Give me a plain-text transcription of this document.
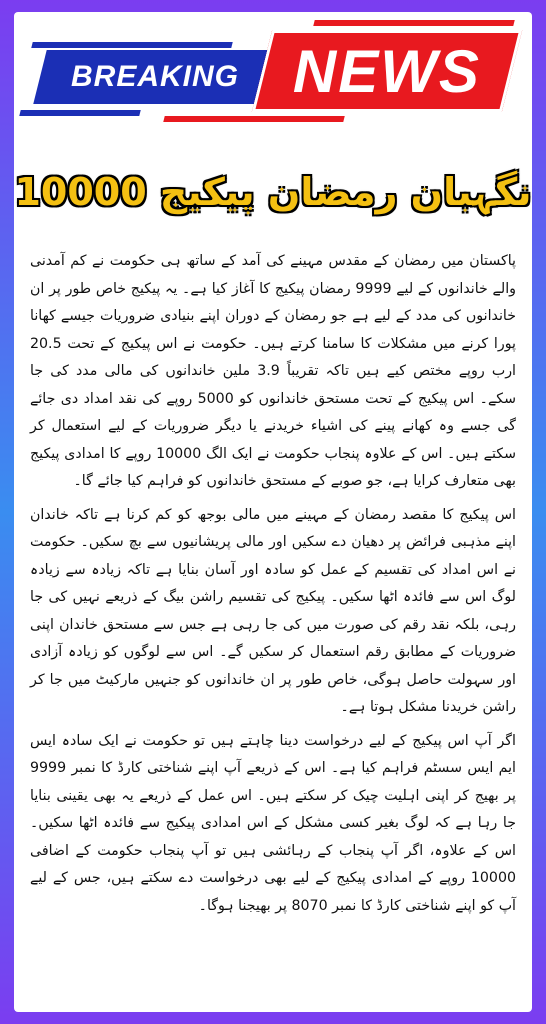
BREAKING NEWS
نگہبان رمضان پیکیج 10000

پاکستان میں رمضان کے مقدس مہینے کی آمد کے ساتھ ہی حکومت نے کم آمدنی والے خاندانوں کے لیے 9999 رمضان پیکیج کا آغاز کیا ہے۔ یہ پیکیج خاص طور پر ان خاندانوں کی مدد کے لیے ہے جو رمضان کے دوران اپنے بنیادی ضروریات جیسے کھانا پورا کرنے میں مشکلات کا سامنا کرتے ہیں۔ حکومت نے اس پیکیج کے تحت 20.5 ارب روپے مختص کیے ہیں تاکہ تقریباً 3.9 ملین خاندانوں کی مالی مدد کی جا سکے۔ اس پیکیج کے تحت مستحق خاندانوں کو 5000 روپے کی نقد امداد دی جائے گی جسے وہ کھانے پینے کی اشیاء خریدنے یا دیگر ضروریات کے لیے استعمال کر سکتے ہیں۔ اس کے علاوہ پنجاب حکومت نے ایک الگ 10000 روپے کا امدادی پیکیج بھی متعارف کرایا ہے، جو صوبے کے مستحق خاندانوں کو فراہم کیا جائے گا۔

اس پیکیج کا مقصد رمضان کے مہینے میں مالی بوجھ کو کم کرنا ہے تاکہ خاندان اپنے مذہبی فرائض پر دھیان دے سکیں اور مالی پریشانیوں سے بچ سکیں۔ حکومت نے اس امداد کی تقسیم کے عمل کو سادہ اور آسان بنایا ہے تاکہ زیادہ سے زیادہ لوگ اس سے فائدہ اٹھا سکیں۔ پیکیج کی تقسیم راشن بیگ کے ذریعے نہیں کی جا رہی، بلکہ نقد رقم کی صورت میں کی جا رہی ہے جس سے مستحق خاندان اپنی ضروریات کے مطابق رقم استعمال کر سکیں گے۔ اس سے لوگوں کو زیادہ آزادی اور سہولت حاصل ہوگی، خاص طور پر ان خاندانوں کو جنہیں مارکیٹ میں جا کر راشن خریدنا مشکل ہوتا ہے۔

اگر آپ اس پیکیج کے لیے درخواست دینا چاہتے ہیں تو حکومت نے ایک سادہ ایس ایم ایس سسٹم فراہم کیا ہے۔ اس کے ذریعے آپ اپنے شناختی کارڈ کا نمبر 9999 پر بھیج کر اپنی اہلیت چیک کر سکتے ہیں۔ اس عمل کے ذریعے یہ بھی یقینی بنایا جا رہا ہے کہ لوگ بغیر کسی مشکل کے اس امدادی پیکیج سے فائدہ اٹھا سکیں۔ اس کے علاوہ، اگر آپ پنجاب کے رہائشی ہیں تو آپ پنجاب حکومت کے اضافی 10000 روپے کے امدادی پیکیج کے لیے بھی درخواست دے سکتے ہیں، جس کے لیے آپ کو اپنے شناختی کارڈ کا نمبر 8070 پر بھیجنا ہوگا۔
